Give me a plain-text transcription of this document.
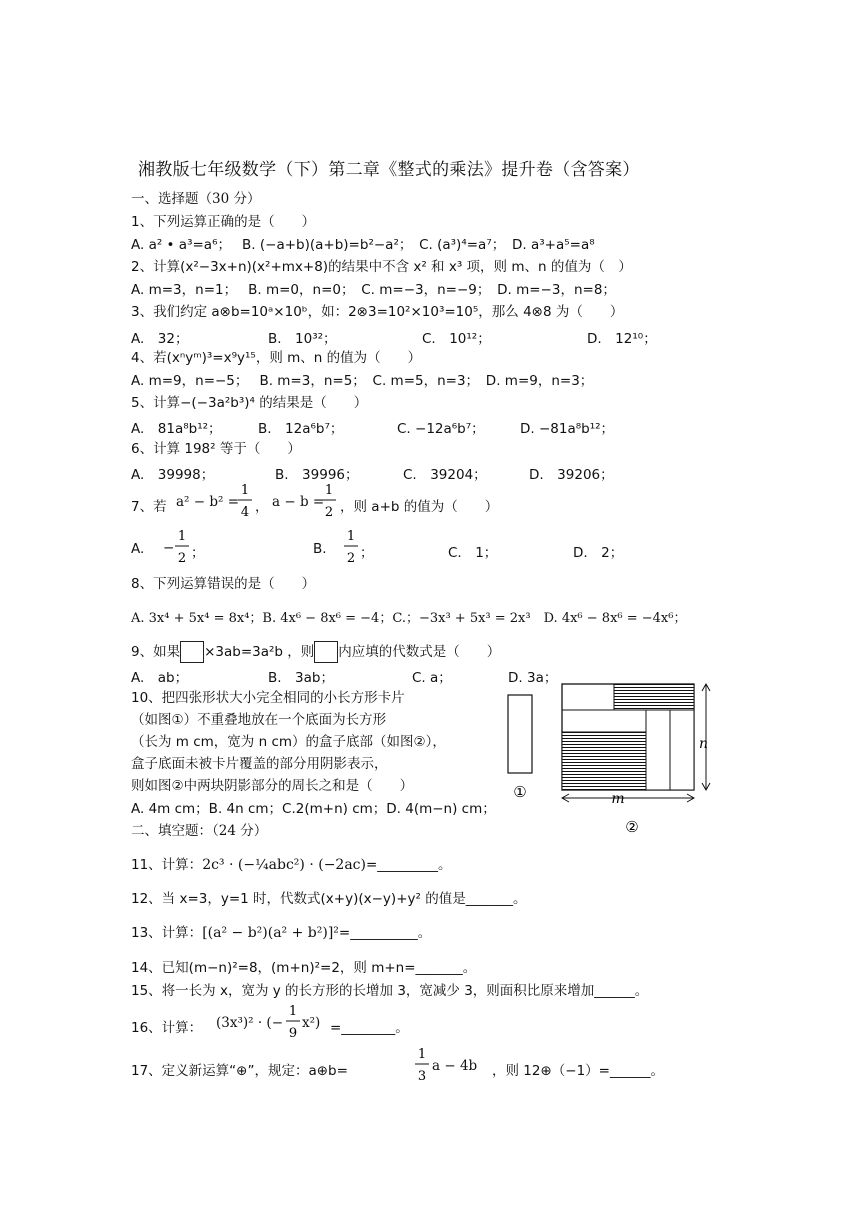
湘教版七年级数学（下）第二章《整式的乘法》提升卷（含答案）
一、选择题（30 分）
1、下列运算正确的是（　　）
A. a² • a³=a⁶；　 B. (−a+b)(a+b)=b²−a²；　C. (a³)⁴=a⁷；　D. a³+a⁵=a⁸
2、计算(x²−3x+n)(x²+mx+8)的结果中不含 x² 和 x³ 项，则 m、n 的值为（　）
A. m=3，n=1；　 B. m=0，n=0；　C. m=−3，n=−9；　D. m=−3，n=8；
3、我们约定 a⊗b=10ᵃ×10ᵇ，如：2⊗3=10²×10³=10⁵，那么 4⊗8 为（　　）
A.　32；	B.　10³²；	C.　10¹²；	D.　12¹⁰；
4、若(xⁿyᵐ)³=x⁹y¹⁵，则 m、n 的值为（　　）
A. m=9，n=−5；　 B. m=3，n=5；　C. m=5，n=3；　D. m=9，n=3；
5、计算−(−3a²b³)⁴ 的结果是（　　）
A.　81a⁸b¹²；	B.　12a⁶b⁷；	C. −12a⁶b⁷；	D. −81a⁸b¹²；
6、计算 198² 等于（　　）
A.　39998；	B.　39996；	C.　39204；	D.　39206；
7、若 a² − b² =
1
4 ， a − b =
1
2 ，则 a+b 的值为（　　）
A. −
1
2 ；	B.
1
2 ；	C.　1；	D.　2；
8、下列运算错误的是（　　）
A. 3x⁴ + 5x⁴ = 8x⁴；B. 4x⁶ − 8x⁶ = −4；C.；−3x³ + 5x³ = 2x³　D. 4x⁶ − 8x⁶ = −4x⁶；
9、如果 ×3ab=3a²b ，则 内应填的代数式是（　　）
A.　ab；	B.　3ab；	C. a；	D. 3a；
10、把四张形状大小完全相同的小长方形卡片
（如图①）不重叠地放在一个底面为长方形
（长为 m cm，宽为 n cm）的盒子底部（如图②），
盒子底面未被卡片覆盖的部分用阴影表示，
则如图②中两块阴影部分的周长之和是（　　）
A. 4m cm；B. 4n cm；C.2(m+n) cm；D. 4(m−n) cm；
①
n
m
②
二、填空题：（24 分）
11、计算：2c³ · (−¼abc²) · (−2ac)=_________。
12、当 x=3，y=1 时，代数式(x+y)(x−y)+y² 的值是_______。
13、计算：[(a² − b²)(a² + b²)]²=__________。
14、已知(m−n)²=8，(m+n)²=2，则 m+n=_______。
15、将一长为 x，宽为 y 的长方形的长增加 3，宽减少 3，则面积比原来增加______。
16、计算： (3x³)² · (−
1
9
x²) =________。
17、定义新运算“⊕”，规定：a⊕b=
1
3
a − 4b ，则 12⊕（−1）=______。
